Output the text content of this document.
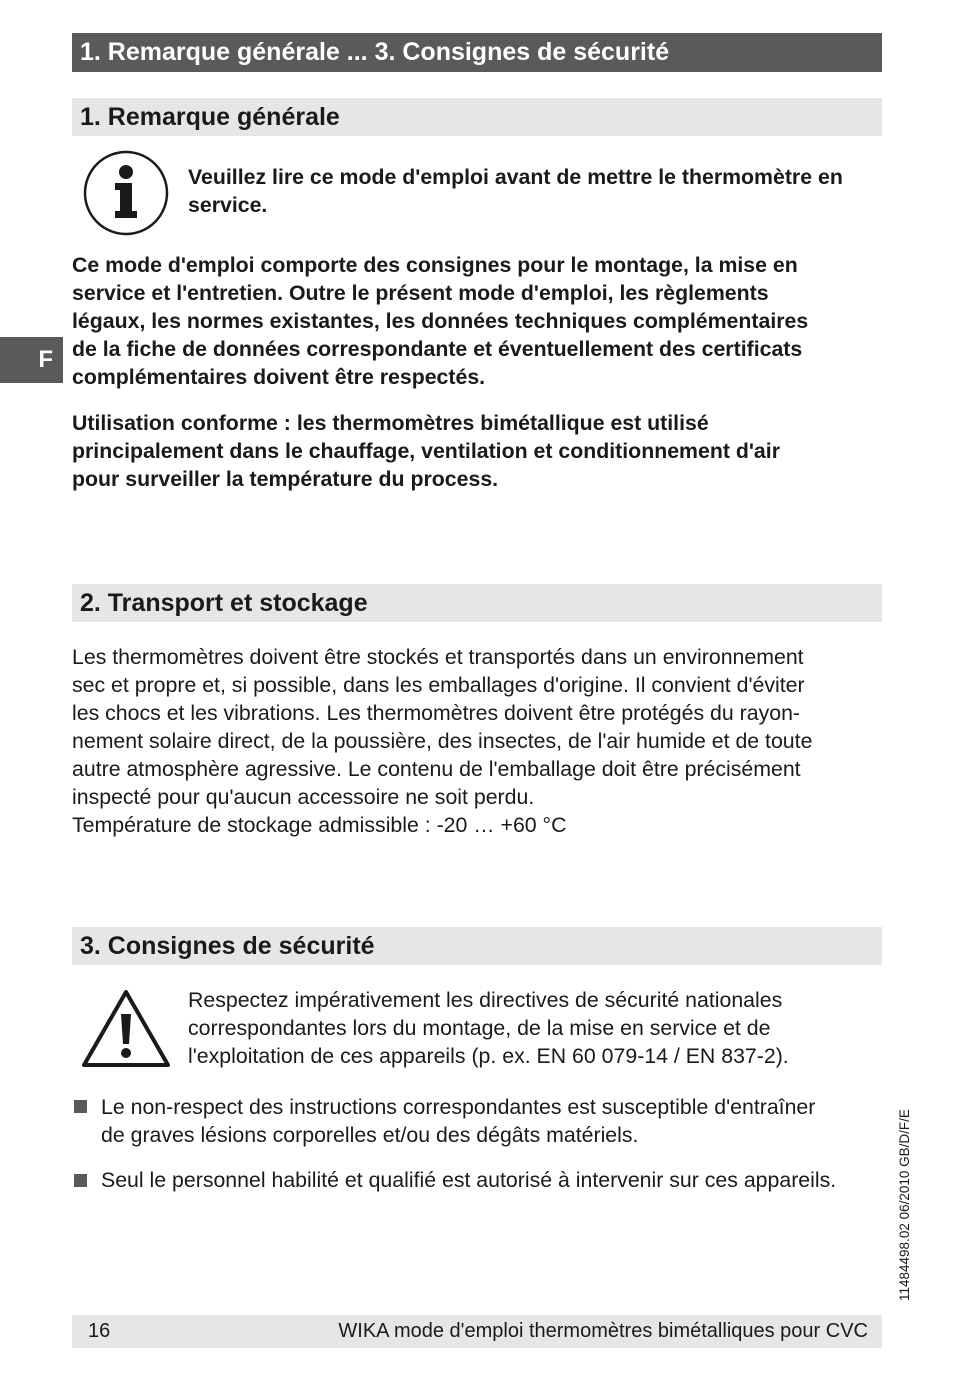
1. Remarque générale ... 3. Consignes de sécurité
F
1. Remarque générale
Veuillez lire ce mode d'emploi avant de mettre le thermomètre en service.
Ce mode d'emploi comporte des consignes pour le montage, la mise en
service et l'entretien. Outre le présent mode d'emploi, les règlements
légaux, les normes existantes, les données techniques complémentaires
de la fiche de données correspondante et éventuellement des certificats
complémentaires doivent être respectés.
Utilisation conforme : les thermomètres bimétallique est utilisé
principalement dans le chauffage, ventilation et conditionnement d'air
pour surveiller la température du process.
2. Transport et stockage
Les thermomètres doivent être stockés et transportés dans un environnement
sec et propre et, si possible, dans les emballages d'origine. Il convient d'éviter
les chocs et les vibrations. Les thermomètres doivent être protégés du rayon-
nement solaire direct, de la poussière, des insectes, de l'air humide et de toute
autre atmosphère agressive. Le contenu de l'emballage doit être précisément
inspecté pour qu'aucun accessoire ne soit perdu.
Température de stockage admissible : -20 … +60 °C
3. Consignes de sécurité
Respectez impérativement les directives de sécurité nationales
correspondantes lors du montage, de la mise en service et de
l'exploitation de ces appareils (p. ex. EN 60 079-14 / EN 837-2).
Le non-respect des instructions correspondantes est susceptible d'entraîner
de graves lésions corporelles et/ou des dégâts matériels.
Seul le personnel habilité et qualifié est autorisé à intervenir sur ces appareils.	11484498.02 06/2010 GB/D/F/E
16	WIKA mode d'emploi thermomètres bimétalliques pour CVC
